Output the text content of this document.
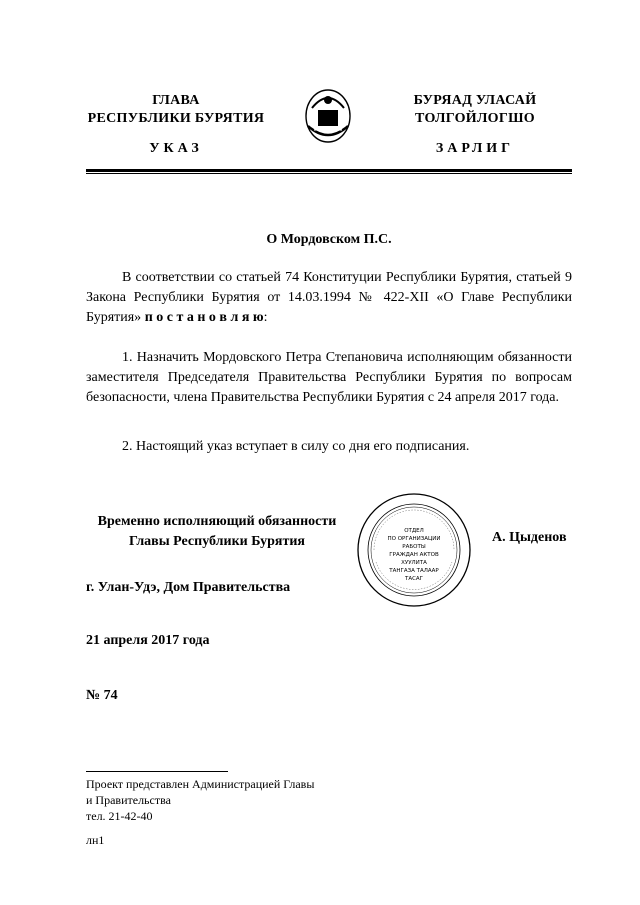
ГЛАВА
РЕСПУБЛИКИ БУРЯТИЯ
УКАЗ
БУРЯАД УЛАСАЙ
ТОЛГОЙЛОГШО
ЗАРЛИГ
О Мордовском П.С.
В соответствии со статьей 74 Конституции Республики Бурятия, статьей 9 Закона Республики Бурятия от 14.03.1994 № 422-XII «О Главе Республики Бурятия» п о с т а н о в л я ю:
1. Назначить Мордовского Петра Степановича исполняющим обязанности заместителя Председателя Правительства Республики Бурятия по вопросам безопасности, члена Правительства Республики Бурятия с 24 апреля 2017 года.
2. Настоящий указ вступает в силу со дня его подписания.
Временно исполняющий обязанности
Главы Республики Бурятия
ОТДЕЛ
ПО ОРГАНИЗАЦИИ
РАБОТЫ
ГРАЖДАН АКТОВ
ХУУЛИТА
ТАНГАЗА ТАЛААР
ТАСАГ
А. Цыденов
г. Улан-Удэ, Дом Правительства
21 апреля 2017 года
№ 74
Проект представлен Администрацией Главы
и Правительства
тел. 21-42-40
лн1
